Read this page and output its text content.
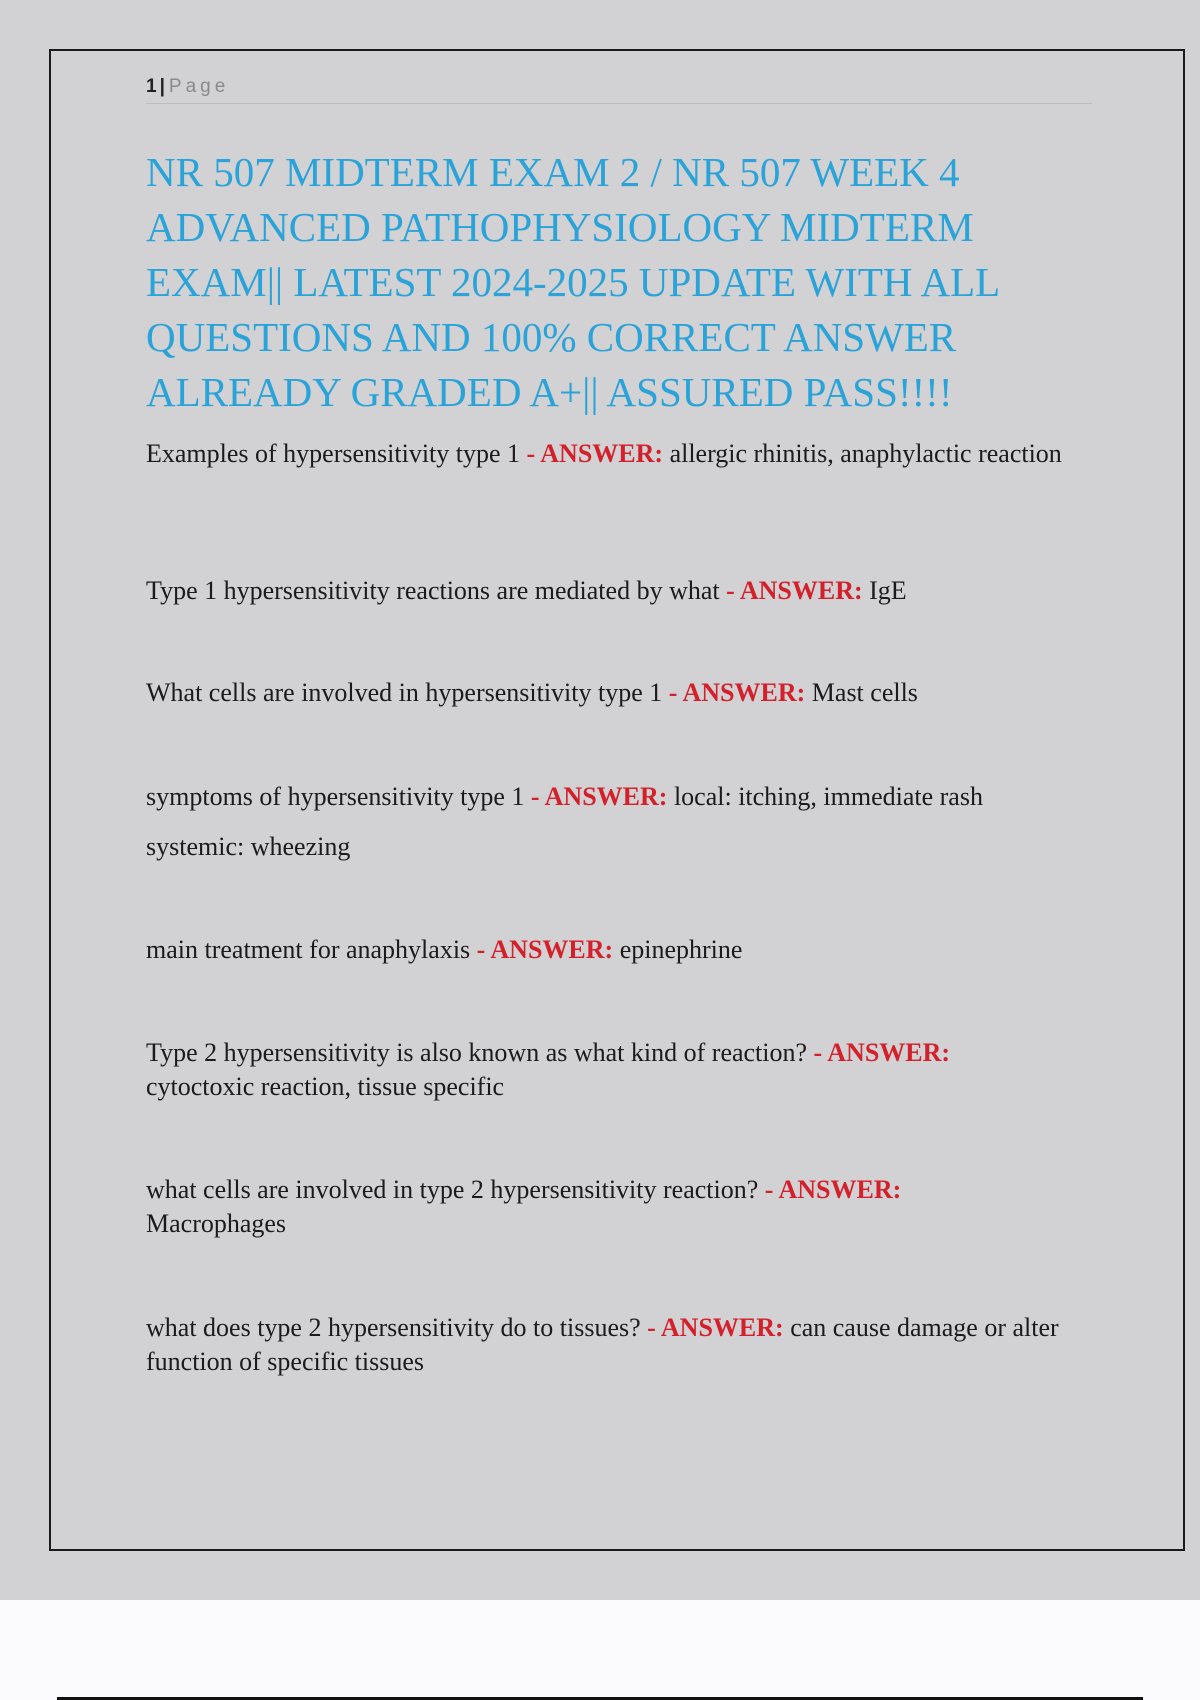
1 | Page
NR 507 MIDTERM EXAM 2 / NR 507 WEEK 4 ADVANCED PATHOPHYSIOLOGY MIDTERM EXAM|| LATEST 2024-2025 UPDATE WITH ALL QUESTIONS AND 100% CORRECT ANSWER ALREADY GRADED A+|| ASSURED PASS!!!!

Examples of hypersensitivity type 1 - ANSWER: allergic rhinitis, anaphylactic reaction

Type 1 hypersensitivity reactions are mediated by what - ANSWER: IgE

What cells are involved in hypersensitivity type 1 - ANSWER: Mast cells

symptoms of hypersensitivity type 1 - ANSWER: local: itching, immediate rash

systemic: wheezing

main treatment for anaphylaxis - ANSWER: epinephrine

Type 2 hypersensitivity is also known as what kind of reaction? - ANSWER:
cytoctoxic reaction, tissue specific

what cells are involved in type 2 hypersensitivity reaction? - ANSWER:
Macrophages

what does type 2 hypersensitivity do to tissues? - ANSWER: can cause damage or alter function of specific tissues
